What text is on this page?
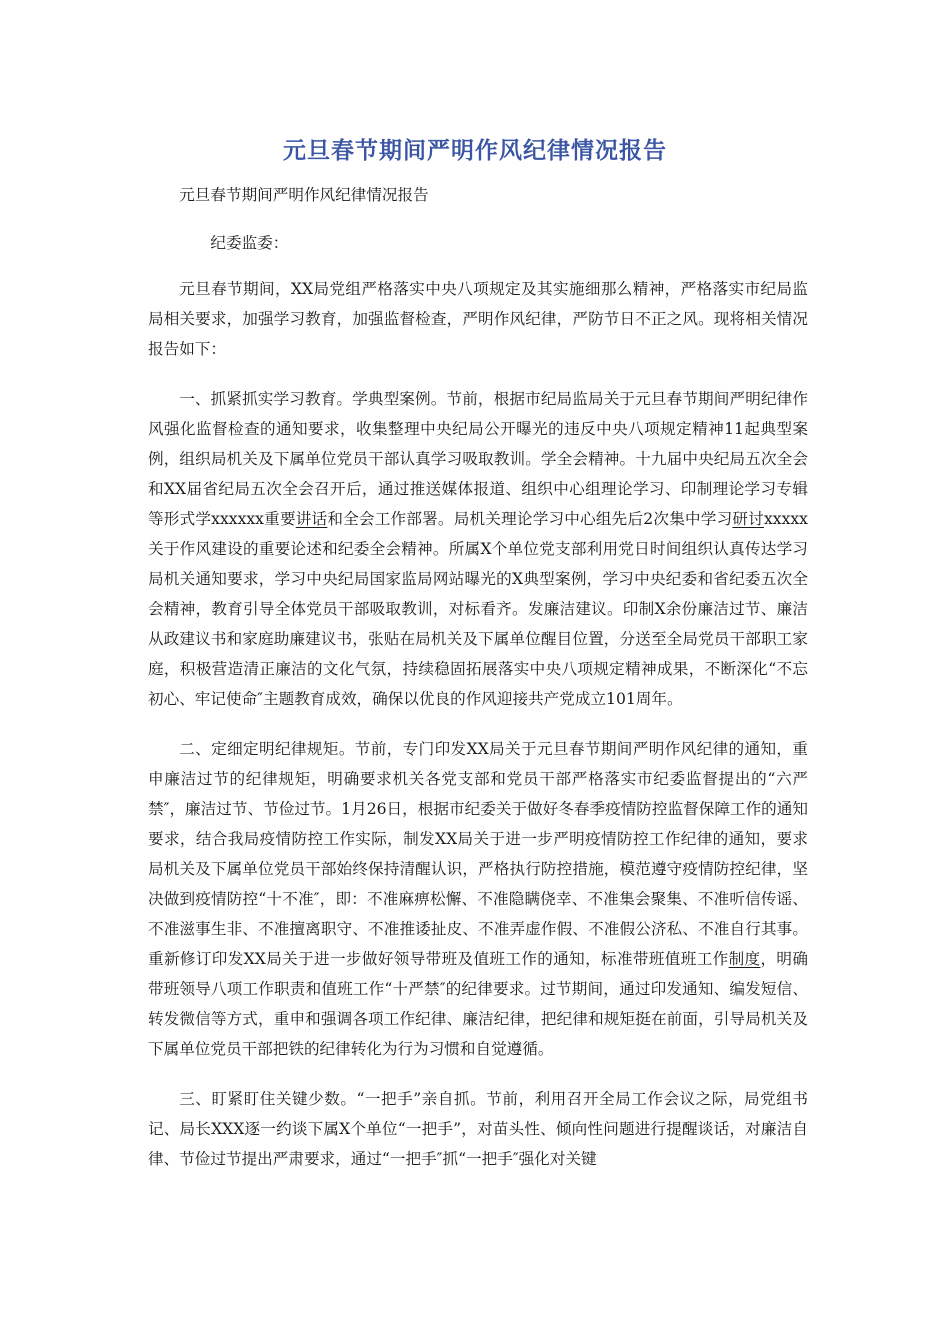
元旦春节期间严明作风纪律情况报告

元旦春节期间严明作风纪律情况报告

纪委监委：

元旦春节期间，XX局党组严格落实中央八项规定及其实施细那么精神，严格落实市纪局监局相关要求，加强学习教育，加强监督检查，严明作风纪律，严防节日不正之风。现将相关情况报告如下：

一、抓紧抓实学习教育。学典型案例。节前，根据市纪局监局关于元旦春节期间严明纪律作风强化监督检查的通知要求，收集整理中央纪局公开曝光的违反中央八项规定精神11起典型案例，组织局机关及下属单位党员干部认真学习吸取教训。学全会精神。十九届中央纪局五次全会和XX届省纪局五次全会召开后，通过推送媒体报道、组织中心组理论学习、印制理论学习专辑等形式学xxxxxx重要讲话和全会工作部署。局机关理论学习中心组先后2次集中学习研讨xxxxx关于作风建设的重要论述和纪委全会精神。所属X个单位党支部利用党日时间组织认真传达学习局机关通知要求，学习中央纪局国家监局网站曝光的X典型案例，学习中央纪委和省纪委五次全会精神，教育引导全体党员干部吸取教训，对标看齐。发廉洁建议。印制X余份廉洁过节、廉洁从政建议书和家庭助廉建议书，张贴在局机关及下属单位醒目位置，分送至全局党员干部职工家庭，积极营造清正廉洁的文化气氛，持续稳固拓展落实中央八项规定精神成果，不断深化“不忘初心、牢记使命″主题教育成效，确保以优良的作风迎接共产党成立101周年。

二、定细定明纪律规矩。节前，专门印发XX局关于元旦春节期间严明作风纪律的通知，重申廉洁过节的纪律规矩，明确要求机关各党支部和党员干部严格落实市纪委监督提出的“六严禁″，廉洁过节、节俭过节。1月26日，根据市纪委关于做好冬春季疫情防控监督保障工作的通知要求，结合我局疫情防控工作实际，制发XX局关于进一步严明疫情防控工作纪律的通知，要求局机关及下属单位党员干部始终保持清醒认识，严格执行防控措施，模范遵守疫情防控纪律，坚决做到疫情防控“十不准″，即：不准麻痹松懈、不准隐瞒侥幸、不准集会聚集、不准听信传谣、不准滋事生非、不准擅离职守、不准推诿扯皮、不准弄虚作假、不准假公济私、不准自行其事。重新修订印发XX局关于进一步做好领导带班及值班工作的通知，标准带班值班工作制度，明确带班领导八项工作职责和值班工作“十严禁″的纪律要求。过节期间，通过印发通知、编发短信、转发微信等方式，重申和强调各项工作纪律、廉洁纪律，把纪律和规矩挺在前面，引导局机关及下属单位党员干部把铁的纪律转化为行为习惯和自觉遵循。

三、盯紧盯住关键少数。“一把手”亲自抓。节前，利用召开全局工作会议之际，局党组书记、局长XXX逐一约谈下属X个单位“一把手”，对苗头性、倾向性问题进行提醒谈话，对廉洁自律、节俭过节提出严肃要求，通过“一把手″抓“一把手″强化对关键
